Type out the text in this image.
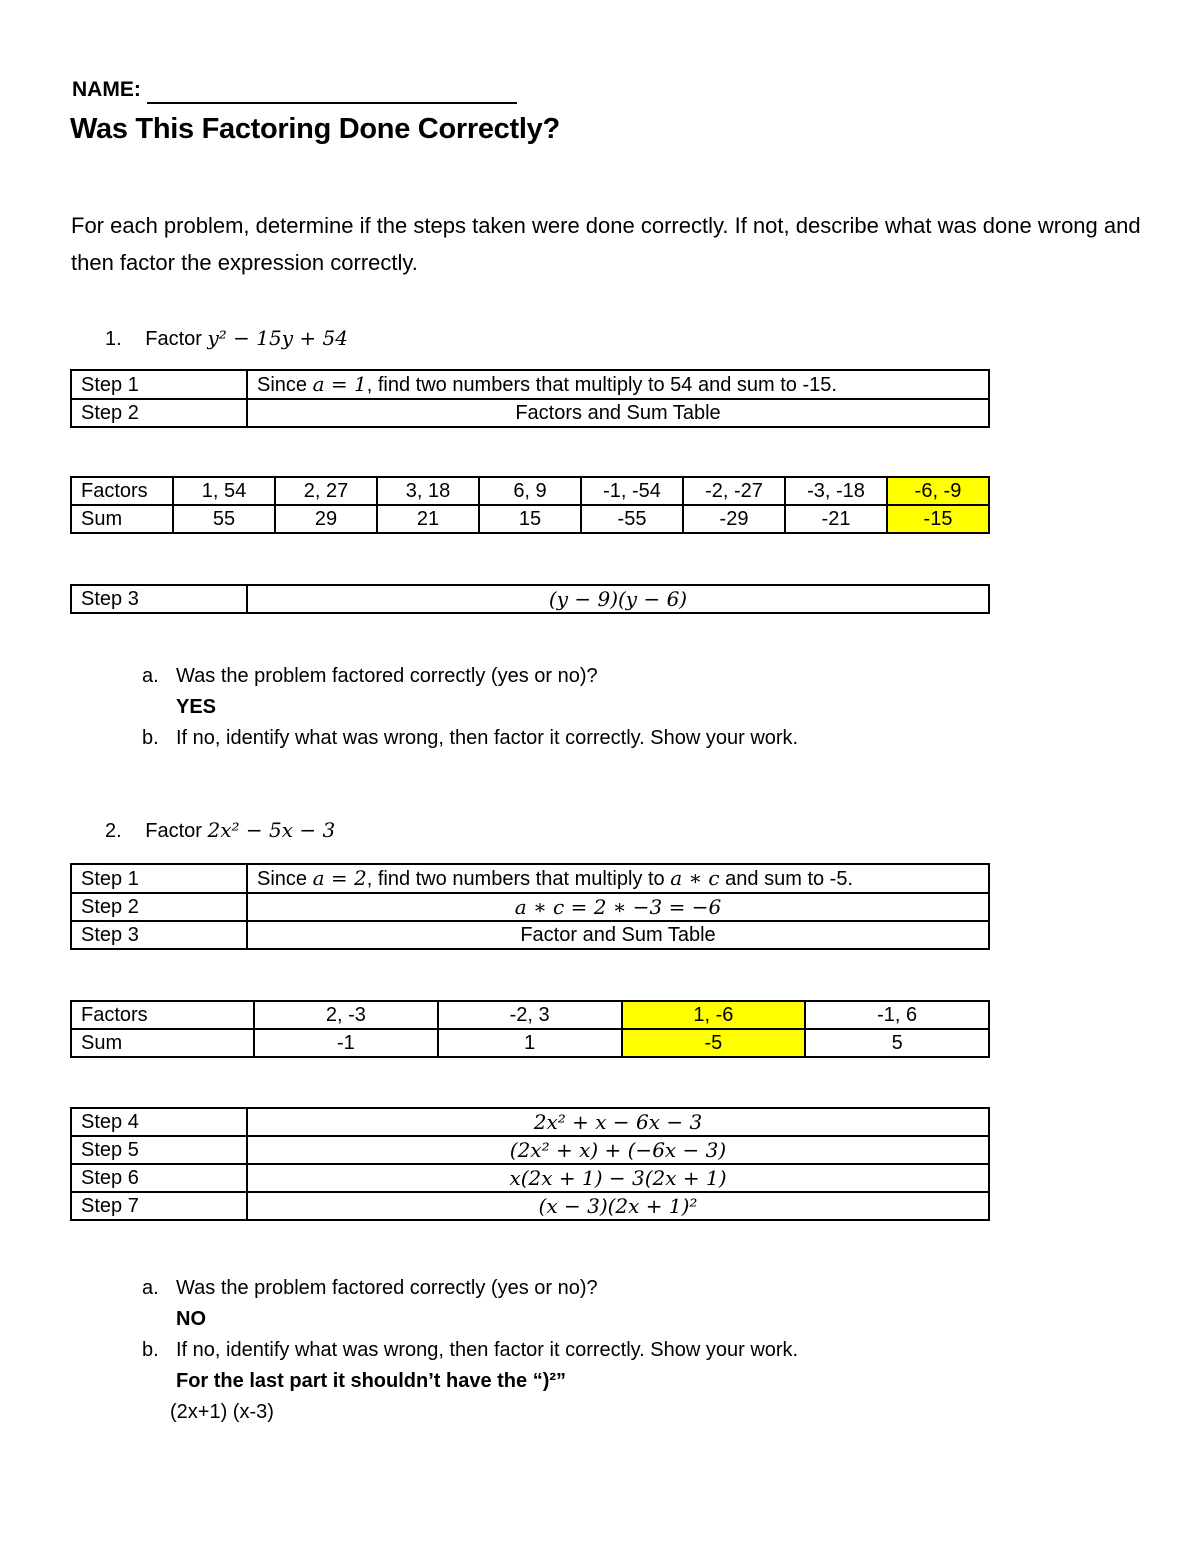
NAME:
Was This Factoring Done Correctly?
For each problem, determine if the steps taken were done correctly. If not, describe what was done wrong and then factor the expression correctly.
1. Factor y² − 15y + 54
Step 1	Since a = 1, find two numbers that multiply to 54 and sum to -15.
Step 2	Factors and Sum Table
Factors	1, 54	2, 27	3, 18	6, 9	-1, -54	-2, -27	-3, -18	-6, -9
Sum	55	29	21	15	-55	-29	-21	-15
Step 3	(y − 9)(y − 6)
a. Was the problem factored correctly (yes or no)?
YES
b. If no, identify what was wrong, then factor it correctly. Show your work.
2. Factor 2x² − 5x − 3
Step 1	Since a = 2, find two numbers that multiply to a ∗ c and sum to -5.
Step 2	a ∗ c = 2 ∗ −3 = −6
Step 3	Factor and Sum Table
Factors	2, -3	-2, 3	1, -6	-1, 6
Sum	-1	1	-5	5
Step 4	2x² + x − 6x − 3
Step 5	(2x² + x) + (−6x − 3)
Step 6	x(2x + 1) − 3(2x + 1)
Step 7	(x − 3)(2x + 1)²
a. Was the problem factored correctly (yes or no)?
NO
b. If no, identify what was wrong, then factor it correctly. Show your work.
For the last part it shouldn’t have the “)²”
(2x+1) (x-3)
